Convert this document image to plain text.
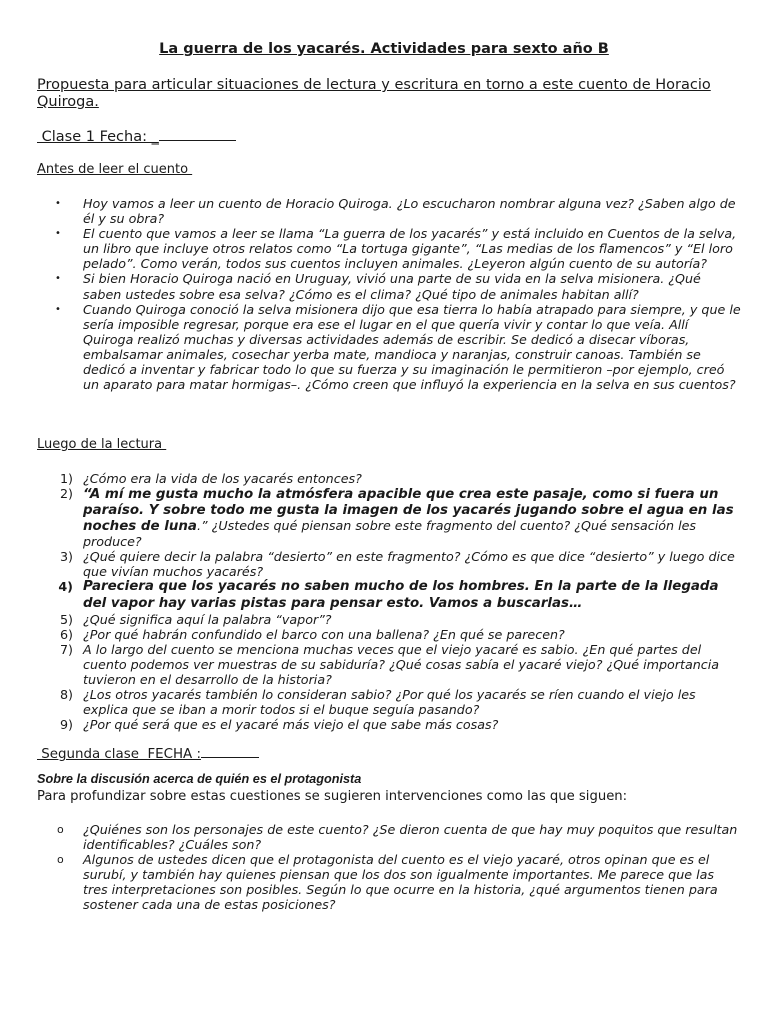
La guerra de los yacarés. Actividades para sexto año B

Propuesta para articular situaciones de lectura y escritura en torno a este cuento de Horacio Quiroga.

Clase 1 Fecha: _

Antes de leer el cuento

•	Hoy vamos a leer un cuento de Horacio Quiroga. ¿Lo escucharon nombrar alguna vez? ¿Saben algo de él y su obra?
•	El cuento que vamos a leer se llama “La guerra de los yacarés” y está incluido en Cuentos de la selva, un libro que incluye otros relatos como “La tortuga gigante”, “Las medias de los flamencos” y “El loro pelado”. Como verán, todos sus cuentos incluyen animales. ¿Leyeron algún cuento de su autoría?
•	Si bien Horacio Quiroga nació en Uruguay, vivió una parte de su vida en la selva misionera. ¿Qué saben ustedes sobre esa selva? ¿Cómo es el clima? ¿Qué tipo de animales habitan allí?
•	Cuando Quiroga conoció la selva misionera dijo que esa tierra lo había atrapado para siempre, y que le sería imposible regresar, porque era ese el lugar en el que quería vivir y contar lo que veía. Allí Quiroga realizó muchas y diversas actividades además de escribir. Se dedicó a disecar víboras, embalsamar animales, cosechar yerba mate, mandioca y naranjas, construir canoas. También se dedicó a inventar y fabricar todo lo que su fuerza y su imaginación le permitieron –por ejemplo, creó un aparato para matar hormigas–. ¿Cómo creen que influyó la experiencia en la selva en sus cuentos?

Luego de la lectura

1) ¿Cómo era la vida de los yacarés entonces?
2) “A mí me gusta mucho la atmósfera apacible que crea este pasaje, como si fuera un paraíso. Y sobre todo me gusta la imagen de los yacarés jugando sobre el agua en las noches de luna.” ¿Ustedes qué piensan sobre este fragmento del cuento? ¿Qué sensación les produce?
3) ¿Qué quiere decir la palabra “desierto” en este fragmento? ¿Cómo es que dice “desierto” y luego dice que vivían muchos yacarés?
4) Pareciera que los yacarés no saben mucho de los hombres. En la parte de la llegada del vapor hay varias pistas para pensar esto. Vamos a buscarlas…
5) ¿Qué significa aquí la palabra “vapor”?
6) ¿Por qué habrán confundido el barco con una ballena? ¿En qué se parecen?
7) A lo largo del cuento se menciona muchas veces que el viejo yacaré es sabio. ¿En qué partes del cuento podemos ver muestras de su sabiduría? ¿Qué cosas sabía el yacaré viejo? ¿Qué importancia tuvieron en el desarrollo de la historia?
8) ¿Los otros yacarés también lo consideran sabio? ¿Por qué los yacarés se ríen cuando el viejo les explica que se iban a morir todos si el buque seguía pasando?
9) ¿Por qué será que es el yacaré más viejo el que sabe más cosas?

Segunda clase  FECHA :

Sobre la discusión acerca de quién es el protagonista

Para profundizar sobre estas cuestiones se sugieren intervenciones como las que siguen:

o	¿Quiénes son los personajes de este cuento? ¿Se dieron cuenta de que hay muy poquitos que resultan identificables? ¿Cuáles son?
o	Algunos de ustedes dicen que el protagonista del cuento es el viejo yacaré, otros opinan que es el surubí, y también hay quienes piensan que los dos son igualmente importantes. Me parece que las tres interpretaciones son posibles. Según lo que ocurre en la historia, ¿qué argumentos tienen para sostener cada una de estas posiciones?
